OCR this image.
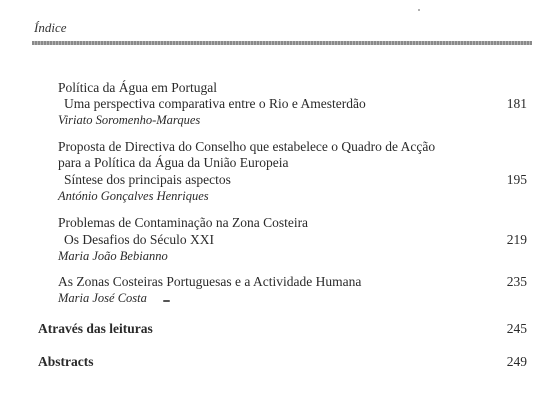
Índice
Política da Água em Portugal
Uma perspectiva comparativa entre o Rio e Amesterdão	181
Viriato Soromenho-Marques
Proposta de Directiva do Conselho que estabelece o Quadro de Acção
para a Política da Água da União Europeia
Síntese dos principais aspectos	195
António Gonçalves Henriques
Problemas de Contaminação na Zona Costeira
Os Desafios do Século XXI	219
Maria João Bebianno
As Zonas Costeiras Portuguesas e a Actividade Humana	235
Maria José Costa
Através das leituras	245
Abstracts	249
